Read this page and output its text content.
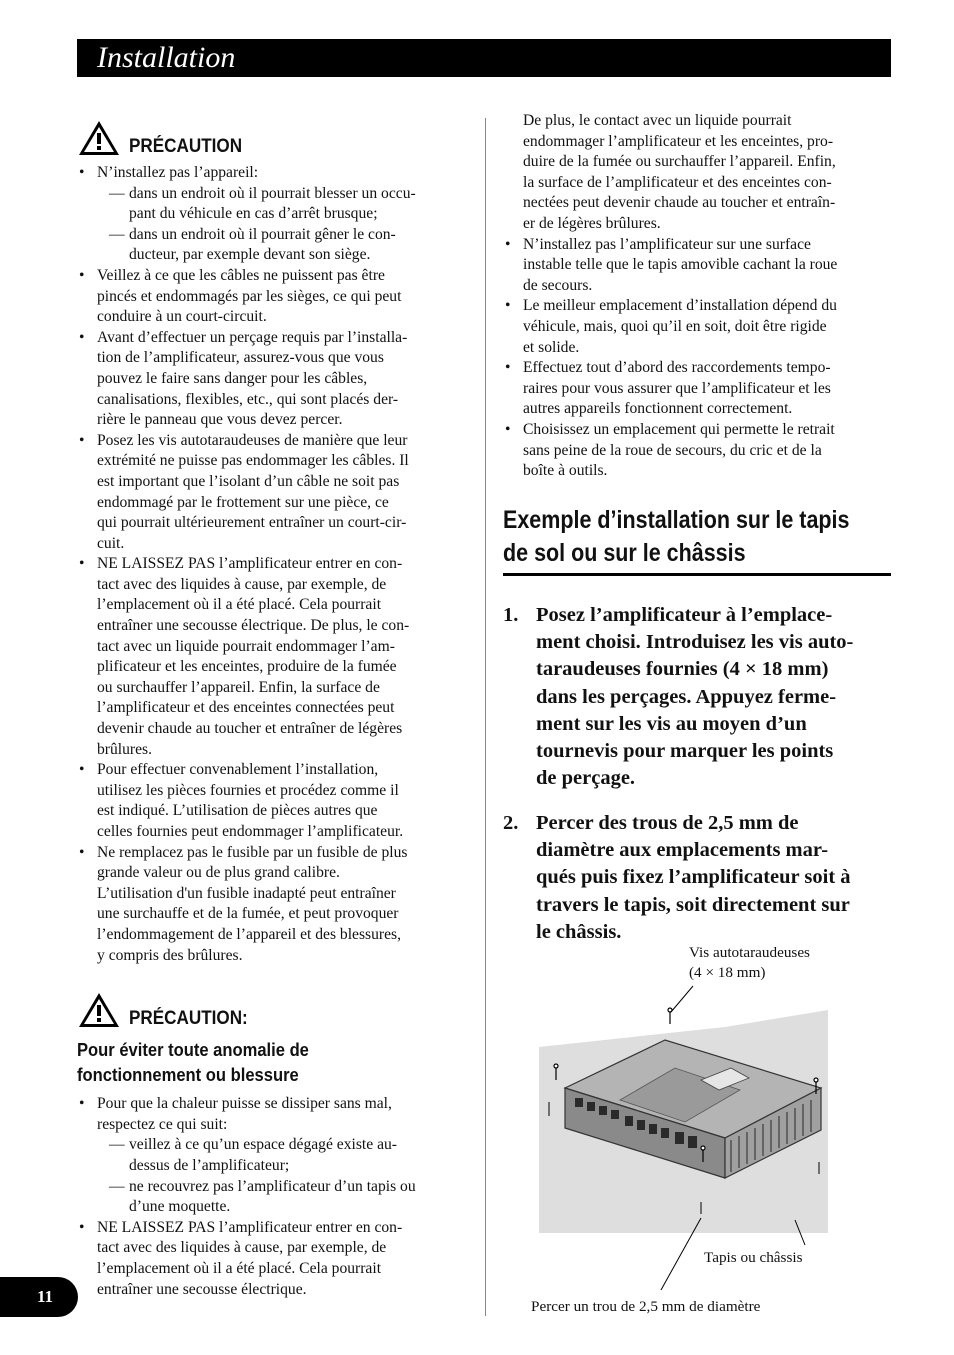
Installation
PRÉCAUTION
• N’installez pas l’appareil:
— dans un endroit où il pourrait blesser un occu-
pant du véhicule en cas d’arrêt brusque;
— dans un endroit où il pourrait gêner le con-
ducteur, par exemple devant son siège.
• Veillez à ce que les câbles ne puissent pas être
pincés et endommagés par les sièges, ce qui peut
conduire à un court-circuit.
• Avant d’effectuer un perçage requis par l’installa-
tion de l’amplificateur, assurez-vous que vous
pouvez le faire sans danger pour les câbles,
canalisations, flexibles, etc., qui sont placés der-
rière le panneau que vous devez percer.
• Posez les vis autotaraudeuses de manière que leur
extrémité ne puisse pas endommager les câbles. Il
est important que l’isolant d’un câble ne soit pas
endommagé par le frottement sur une pièce, ce
qui pourrait ultérieurement entraîner un court-cir-
cuit.
• NE LAISSEZ PAS l’amplificateur entrer en con-
tact avec des liquides à cause, par exemple, de
l’emplacement où il a été placé. Cela pourrait
entraîner une secousse électrique. De plus, le con-
tact avec un liquide pourrait endommager l’am-
plificateur et les enceintes, produire de la fumée
ou surchauffer l’appareil. Enfin, la surface de
l’amplificateur et des enceintes connectées peut
devenir chaude au toucher et entraîner de légères
brûlures.
• Pour effectuer convenablement l’installation,
utilisez les pièces fournies et procédez comme il
est indiqué. L’utilisation de pièces autres que
celles fournies peut endommager l’amplificateur.
• Ne remplacez pas le fusible par un fusible de plus
grande valeur ou de plus grand calibre.
L’utilisation d'un fusible inadapté peut entraîner
une surchauffe et de la fumée, et peut provoquer
l’endommagement de l’appareil et des blessures,
y compris des brûlures.
PRÉCAUTION:
Pour éviter toute anomalie de
fonctionnement ou blessure
• Pour que la chaleur puisse se dissiper sans mal,
respectez ce qui suit:
— veillez à ce qu’un espace dégagé existe au-
dessus de l’amplificateur;
— ne recouvrez pas l’amplificateur d’un tapis ou
d’une moquette.
• NE LAISSEZ PAS l’amplificateur entrer en con-
tact avec des liquides à cause, par exemple, de
l’emplacement où il a été placé. Cela pourrait
entraîner une secousse électrique.
De plus, le contact avec un liquide pourrait
endommager l’amplificateur et les enceintes, pro-
duire de la fumée ou surchauffer l’appareil. Enfin,
la surface de l’amplificateur et des enceintes con-
nectées peut devenir chaude au toucher et entraîn-
er de légères brûlures.
• N’installez pas l’amplificateur sur une surface
instable telle que le tapis amovible cachant la roue
de secours.
• Le meilleur emplacement d’installation dépend du
véhicule, mais, quoi qu’il en soit, doit être rigide
et solide.
• Effectuez tout d’abord des raccordements tempo-
raires pour vous assurer que l’amplificateur et les
autres appareils fonctionnent correctement.
• Choisissez un emplacement qui permette le retrait
sans peine de la roue de secours, du cric et de la
boîte à outils.
Exemple d’installation sur le tapis
de sol ou sur le châssis
1. Posez l’amplificateur à l’emplace-
ment choisi. Introduisez les vis auto-
taraudeuses fournies (4 × 18 mm)
dans les perçages. Appuyez ferme-
ment sur les vis au moyen d’un
tournevis pour marquer les points
de perçage.
2. Percer des trous de 2,5 mm de
diamètre aux emplacements mar-
qués puis fixez l’amplificateur soit à
travers le tapis, soit directement sur
le châssis.
Vis autotaraudeuses
(4 × 18 mm)
Tapis ou châssis
Percer un trou de 2,5 mm de diamètre
11
